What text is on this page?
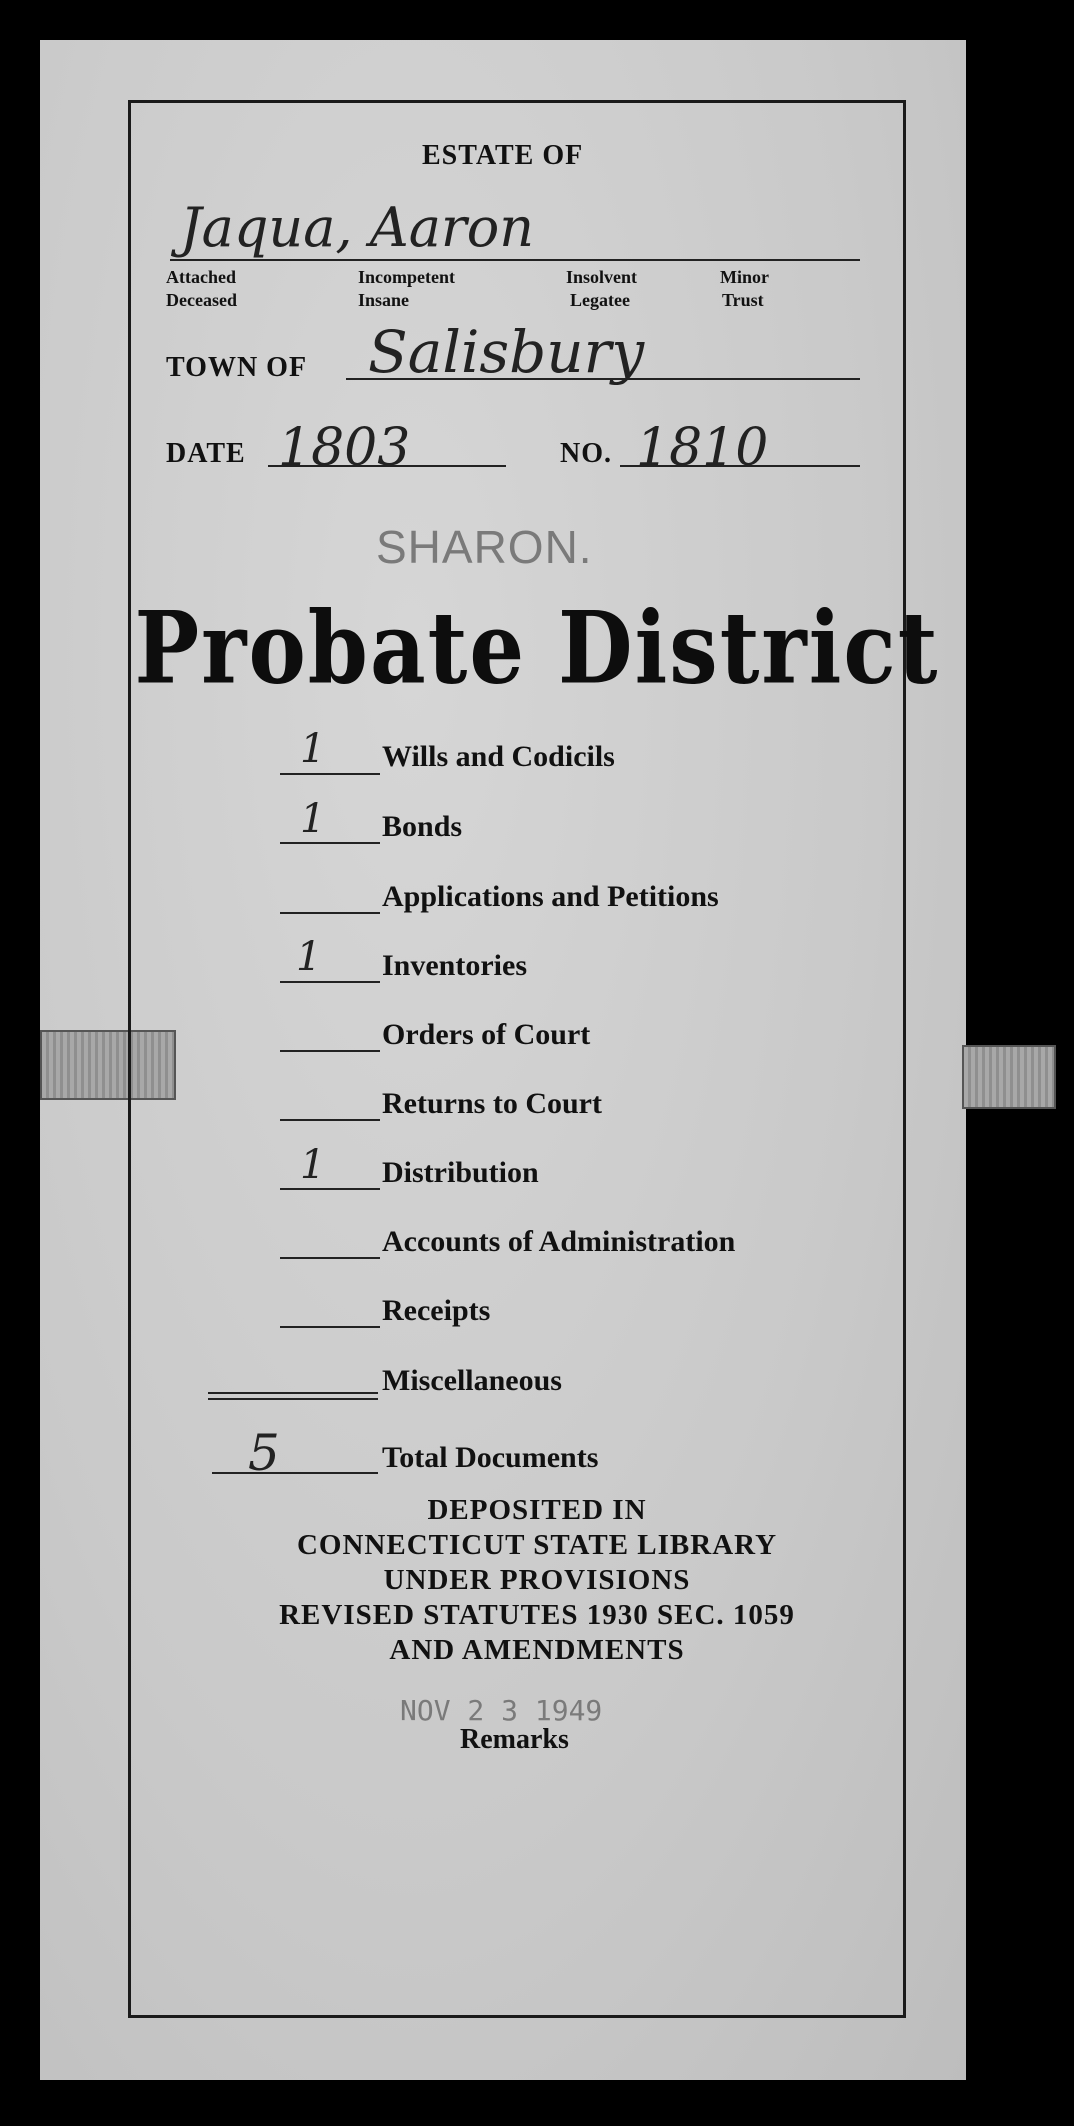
ESTATE OF
Jaqua, Aaron
Attached
Deceased
Incompetent
Insane
Insolvent
Legatee
Minor
Trust
TOWN OF Salisbury
DATE 1803	NO. 1810
SHARON.
Probate District
1 Wills and Codicils
1 Bonds
Applications and Petitions
1 Inventories
Orders of Court
Returns to Court
1 Distribution
Accounts of Administration
Receipts
Miscellaneous
5	Total Documents
DEPOSITED IN
CONNECTICUT STATE LIBRARY
UNDER PROVISIONS
REVISED STATUTES 1930 SEC. 1059
AND AMENDMENTS
NOV 2 3 1949
Remarks
